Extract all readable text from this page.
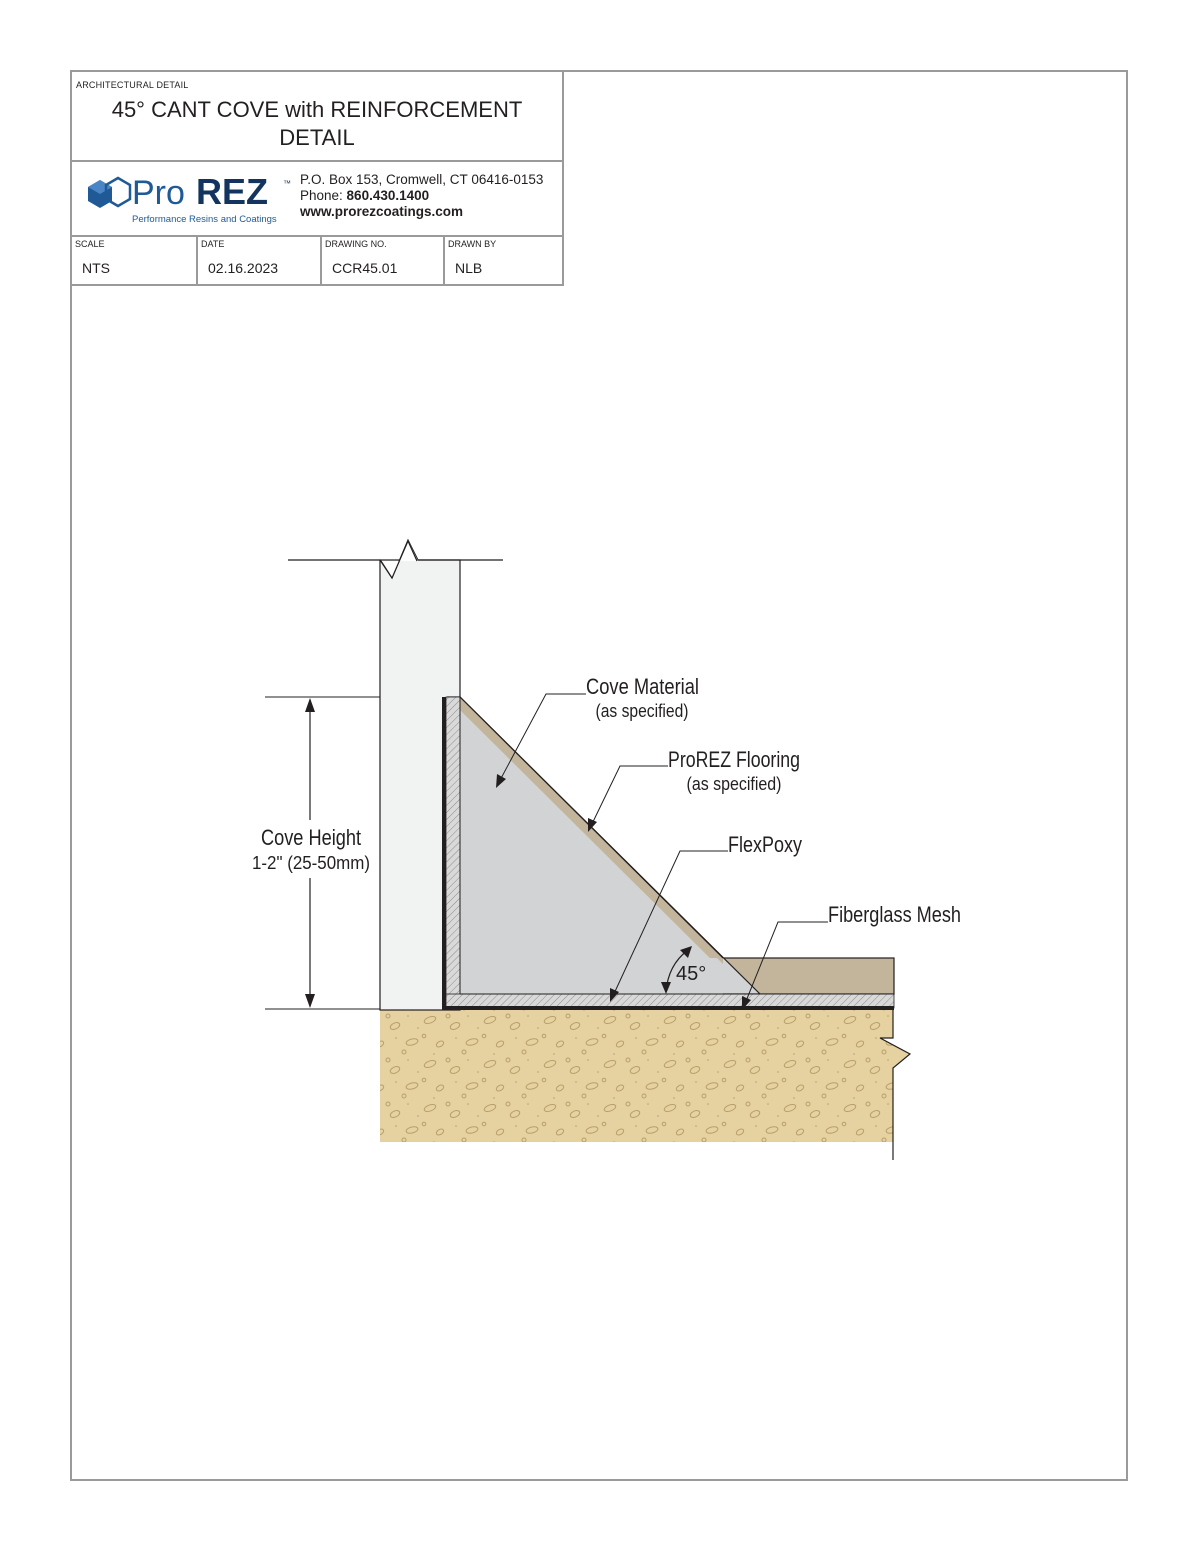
ARCHITECTURAL DETAIL
45° CANT COVE with REINFORCEMENT
DETAIL
Pro REZ ™
Performance Resins and Coatings
P.O. Box 153, Cromwell, CT 06416-0153
Phone: 860.430.1400
www.prorezcoatings.com
SCALE
NTS
DATE
02.16.2023
DRAWING NO.
CCR45.01
DRAWN BY
NLB
Cove Height
1-2" (25-50mm)
45°
Cove Material
(as specified)
ProREZ Flooring
(as specified)
FlexPoxy
Fiberglass Mesh
